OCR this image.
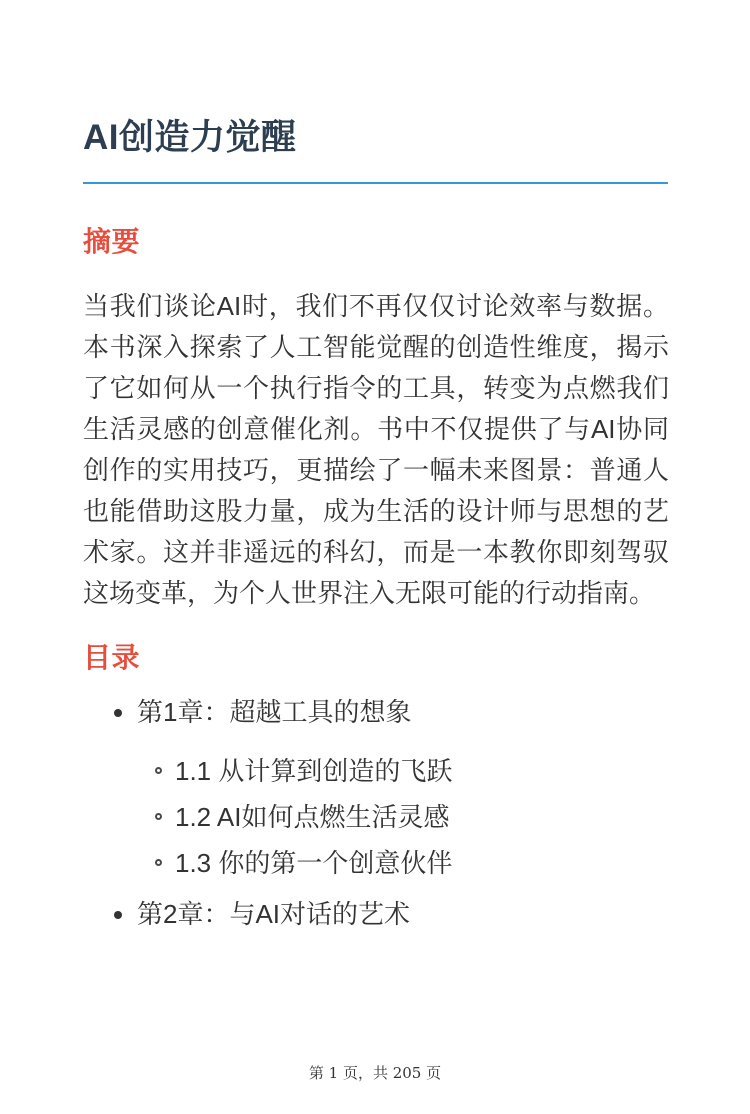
AI创造力觉醒
摘要

当我们谈论AI时，我们不再仅仅讨论效率与数据。本书深入探索了人工智能觉醒的创造性维度，揭示了它如何从一个执行指令的工具，转变为点燃我们生活灵感的创意催化剂。书中不仅提供了与AI协同创作的实用技巧，更描绘了一幅未来图景：普通人也能借助这股力量，成为生活的设计师与思想的艺术家。这并非遥远的科幻，而是一本教你即刻驾驭这场变革，为个人世界注入无限可能的行动指南。

目录
第1章：超越工具的想象
1.1 从计算到创造的飞跃
1.2 AI如何点燃生活灵感
1.3 你的第一个创意伙伴
第2章：与AI对话的艺术
第 1 页，共 205 页
